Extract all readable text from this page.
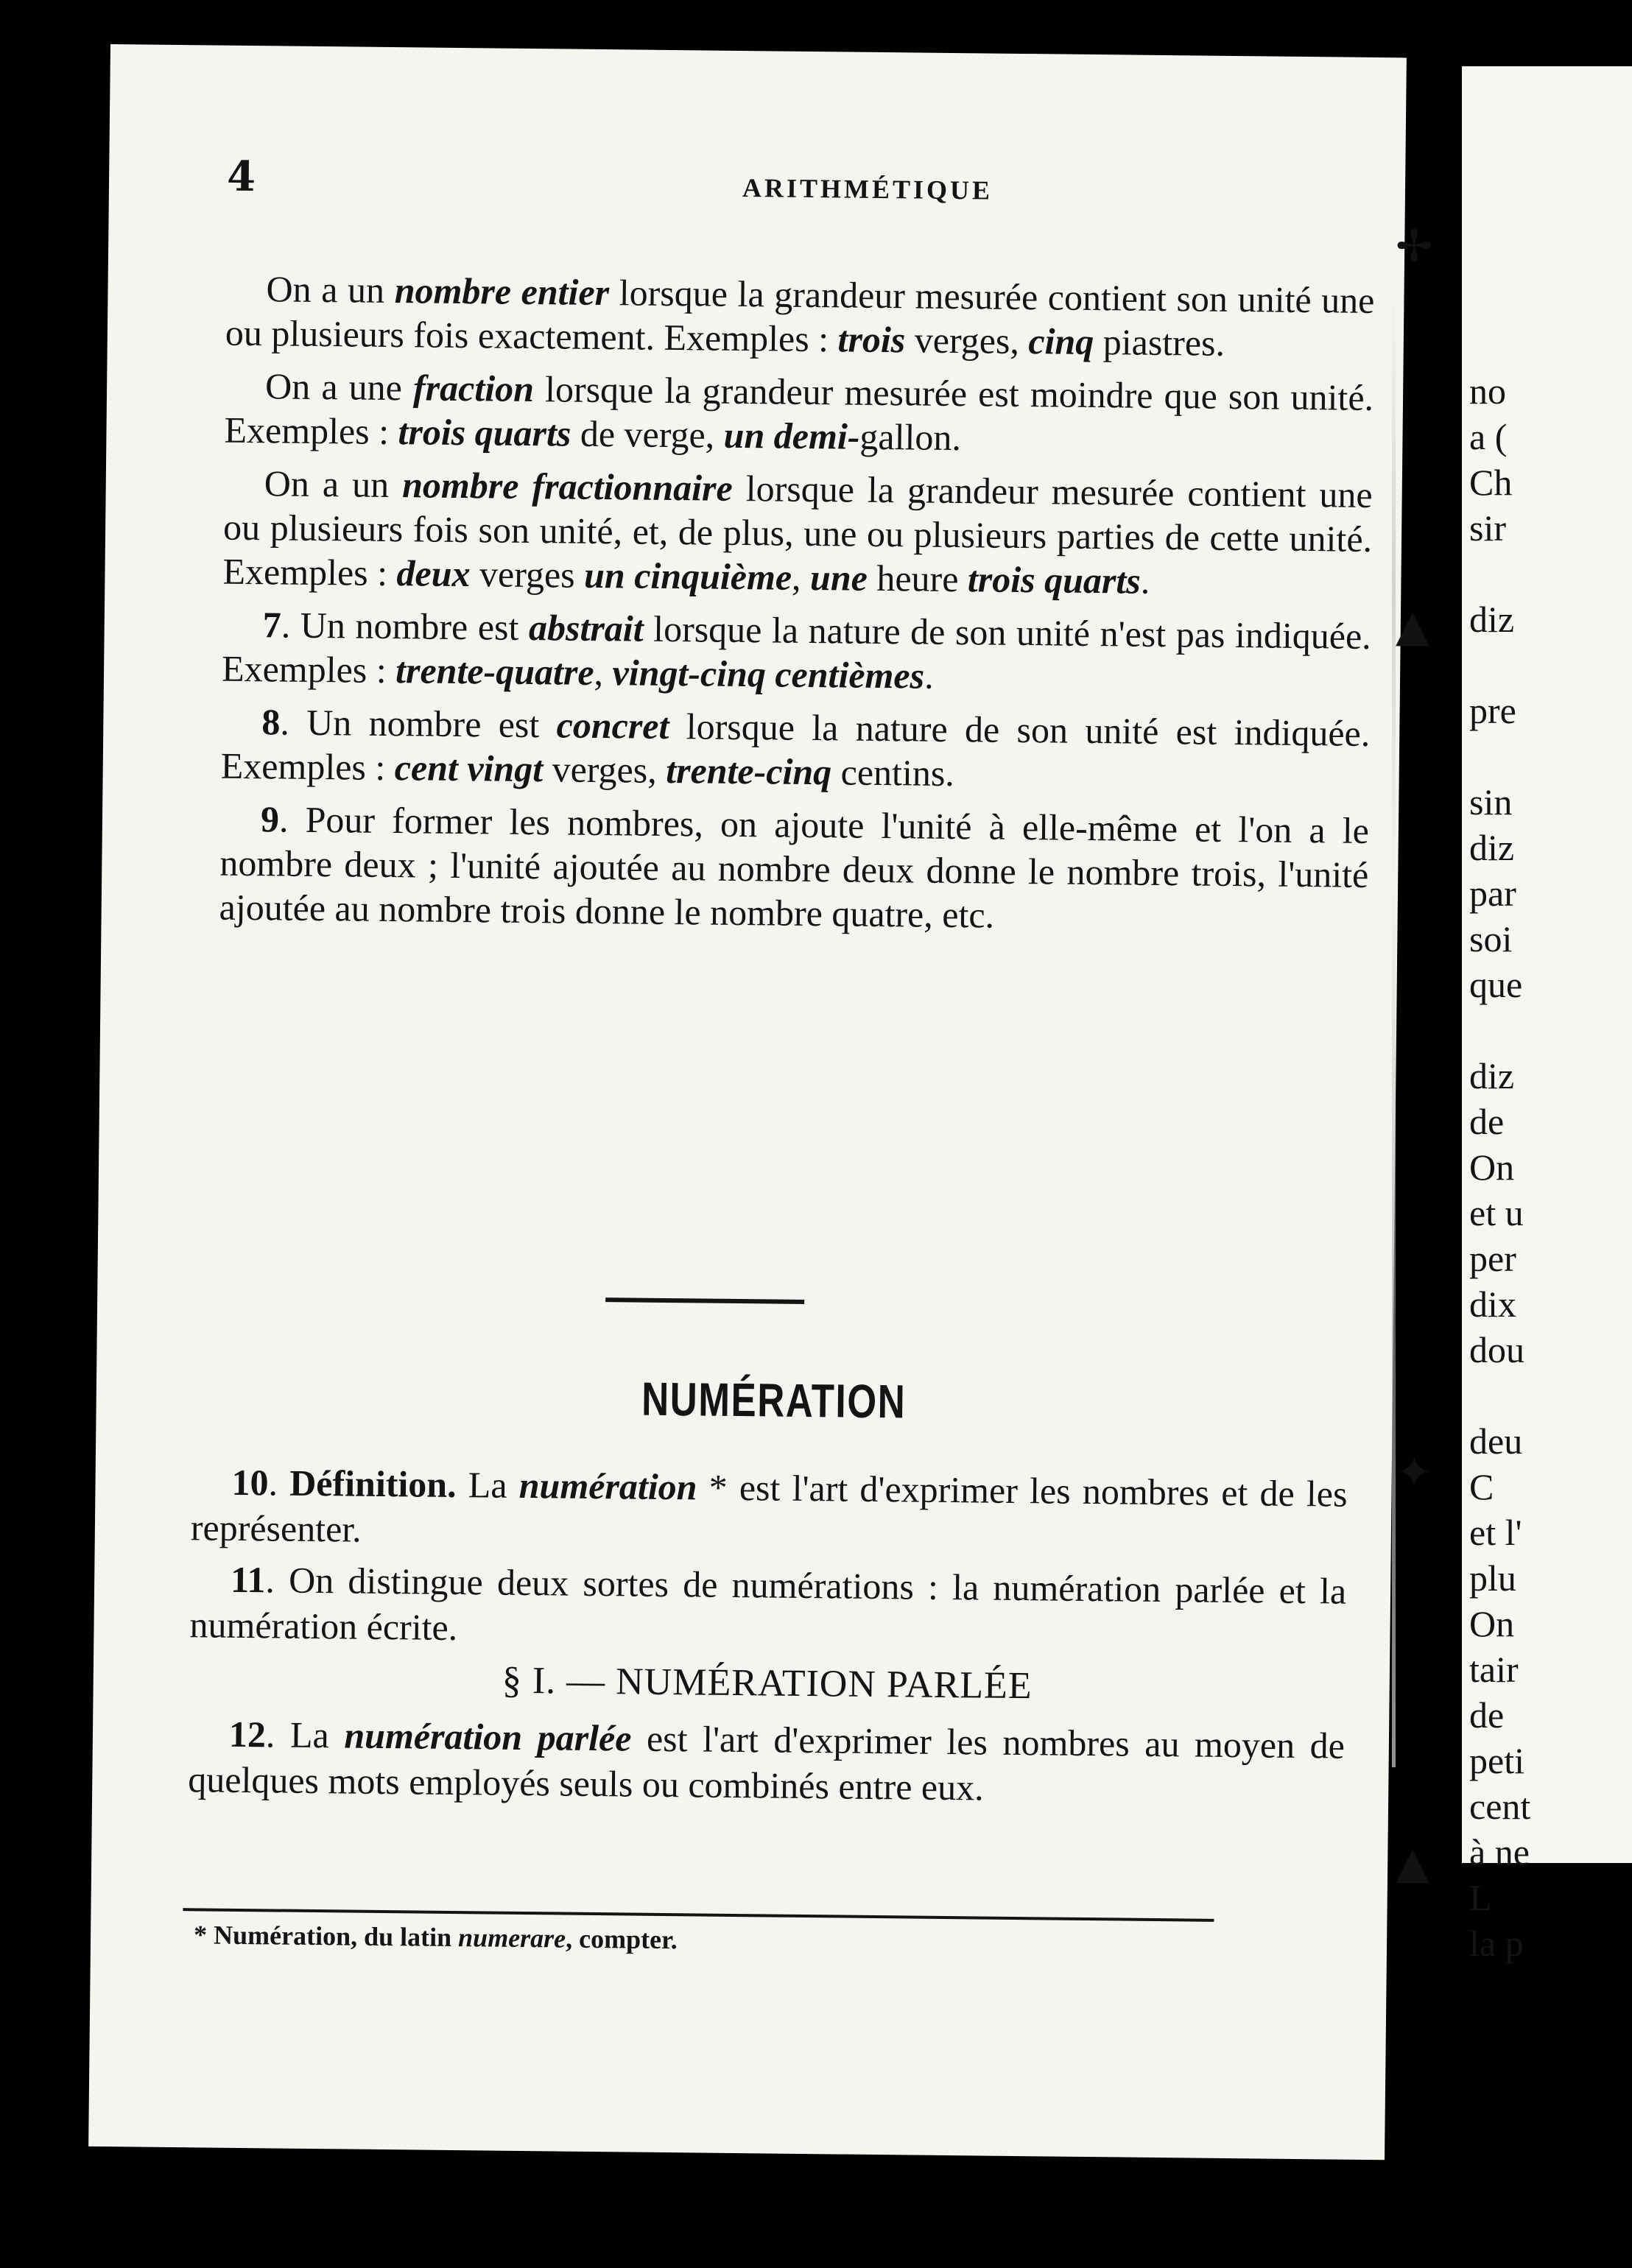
4	ARITHMÉTIQUE

On a un nombre entier lorsque la grandeur mesurée contient son unité une ou plusieurs fois exactement. Exemples : trois verges, cinq piastres.

On a une fraction lorsque la grandeur mesurée est moindre que son unité. Exemples : trois quarts de verge, un demi-gallon.

On a un nombre fractionnaire lorsque la grandeur mesurée contient une ou plusieurs fois son unité, et, de plus, une ou plusieurs parties de cette unité. Exemples : deux verges un cinquième, une heure trois quarts.

7. Un nombre est abstrait lorsque la nature de son unité n'est pas indiquée. Exemples : trente-quatre, vingt-cinq centièmes.

8. Un nombre est concret lorsque la nature de son unité est indiquée. Exemples : cent vingt verges, trente-cinq centins.

9. Pour former les nombres, on ajoute l'unité à elle-même et l'on a le nombre deux ; l'unité ajoutée au nombre deux donne le nombre trois, l'unité ajoutée au nombre trois donne le nombre quatre, etc.

NUMÉRATION

10. Définition. La numération * est l'art d'exprimer les nombres et de les représenter.

11. On distingue deux sortes de numérations : la numération parlée et la numération écrite.

§ I. — NUMÉRATION PARLÉE

12. La numération parlée est l'art d'exprimer les nombres au moyen de quelques mots employés seuls ou combinés entre eux.

* Numération, du latin numerare, compter.
✢
▲
✦
▲
no
a (
Ch
sir

diz

pre

sin
diz
par
soi
que

diz
de
On
et u
per
dix
dou

deu
C
et l'
plu
On
tair
de
peti
cent
à ne
L
la p
